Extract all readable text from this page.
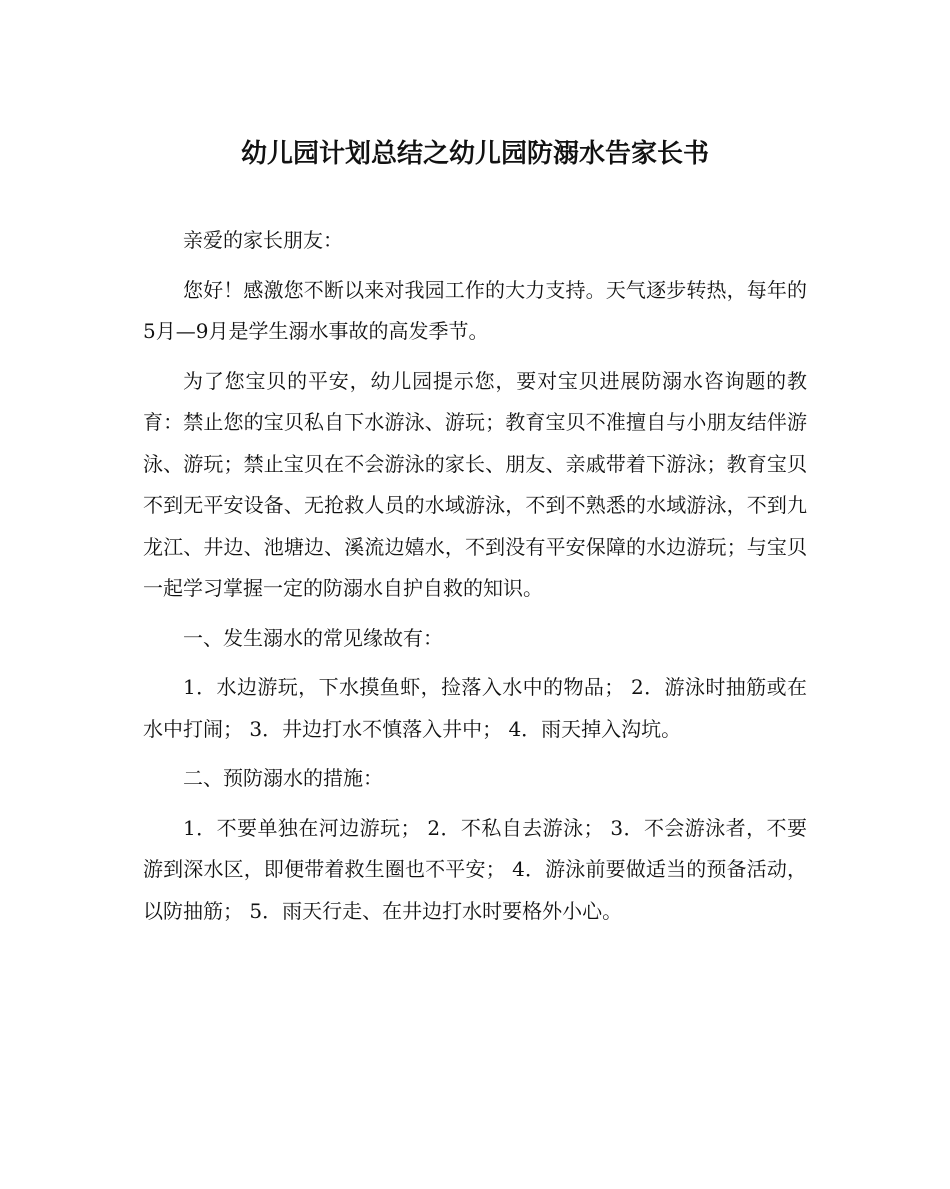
幼儿园计划总结之幼儿园防溺水告家长书

亲爱的家长朋友：

您好！感激您不断以来对我园工作的大力支持。天气逐步转热，每年的5月—9月是学生溺水事故的高发季节。

为了您宝贝的平安，幼儿园提示您，要对宝贝进展防溺水咨询题的教育：禁止您的宝贝私自下水游泳、游玩；教育宝贝不准擅自与小朋友结伴游泳、游玩；禁止宝贝在不会游泳的家长、朋友、亲戚带着下游泳；教育宝贝不到无平安设备、无抢救人员的水域游泳，不到不熟悉的水域游泳，不到九龙江、井边、池塘边、溪流边嬉水，不到没有平安保障的水边游玩；与宝贝一起学习掌握一定的防溺水自护自救的知识。

一、发生溺水的常见缘故有：

1．水边游玩，下水摸鱼虾，捡落入水中的物品； 2．游泳时抽筋或在水中打闹； 3．井边打水不慎落入井中； 4．雨天掉入沟坑。

二、预防溺水的措施：

1．不要单独在河边游玩； 2．不私自去游泳； 3．不会游泳者，不要游到深水区，即便带着救生圈也不平安； 4．游泳前要做适当的预备活动，以防抽筋； 5．雨天行走、在井边打水时要格外小心。
